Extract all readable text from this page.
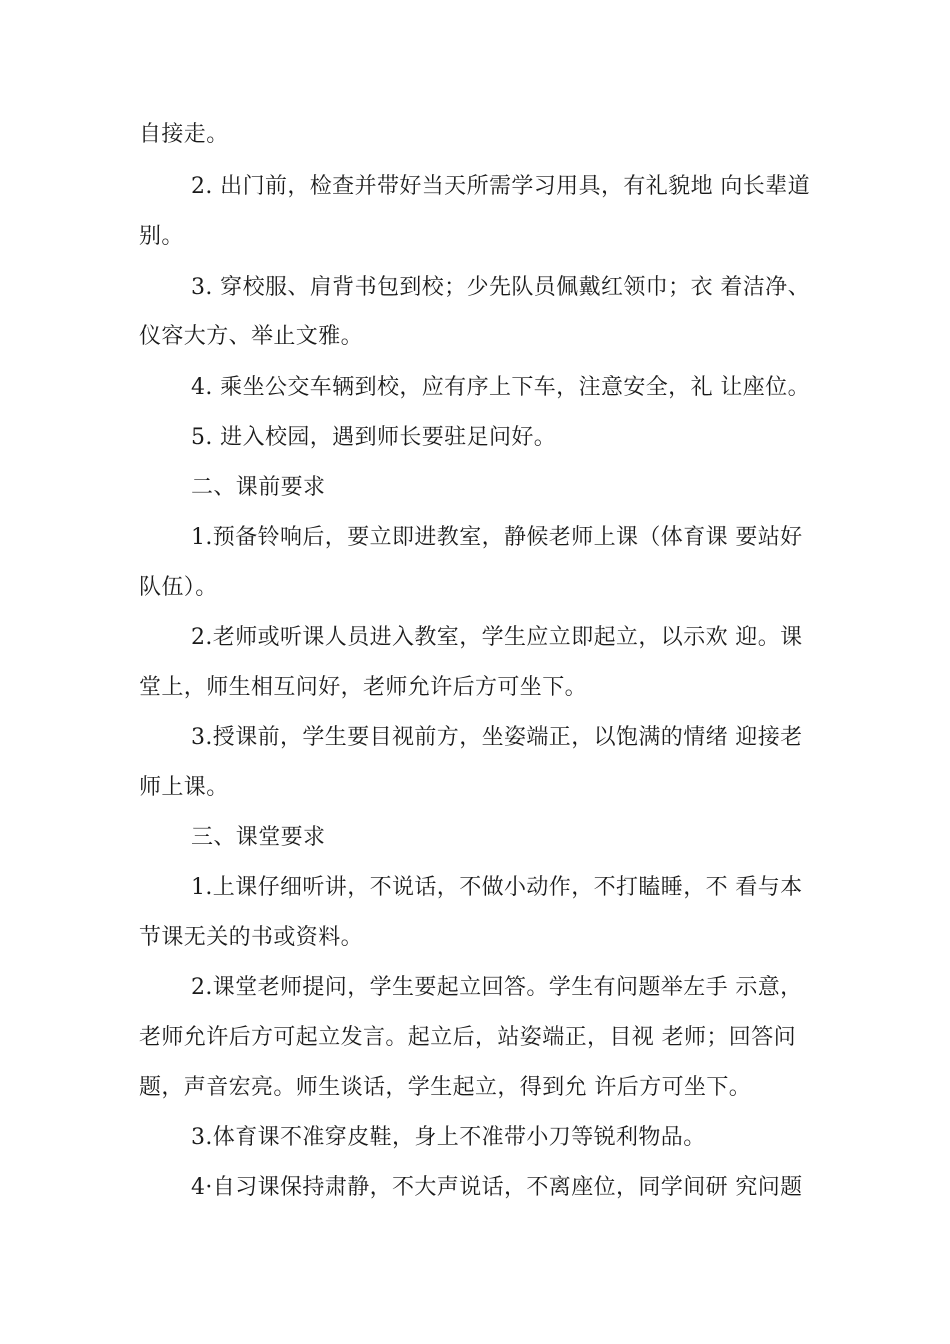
自接走。
2. 出门前，检查并带好当天所需学习用具，有礼貌地 向长辈道
别。
3. 穿校服、肩背书包到校；少先队员佩戴红领巾；衣 着洁净、
仪容大方、举止文雅。
4. 乘坐公交车辆到校，应有序上下车，注意安全，礼 让座位。
5. 进入校园，遇到师长要驻足问好。
二、课前要求
1.预备铃响后，要立即进教室，静候老师上课（体育课 要站好
队伍）。
2.老师或听课人员进入教室，学生应立即起立，以示欢 迎。课
堂上，师生相互问好，老师允许后方可坐下。
3.授课前，学生要目视前方，坐姿端正，以饱满的情绪 迎接老
师上课。
三、课堂要求
1.上课仔细听讲，不说话，不做小动作，不打瞌睡，不 看与本
节课无关的书或资料。
2.课堂老师提问，学生要起立回答。学生有问题举左手 示意，
老师允许后方可起立发言。起立后，站姿端正，目视 老师；回答问
题，声音宏亮。师生谈话，学生起立，得到允 许后方可坐下。
3.体育课不准穿皮鞋，身上不准带小刀等锐利物品。
4·自习课保持肃静，不大声说话，不离座位，同学间研 究问题
